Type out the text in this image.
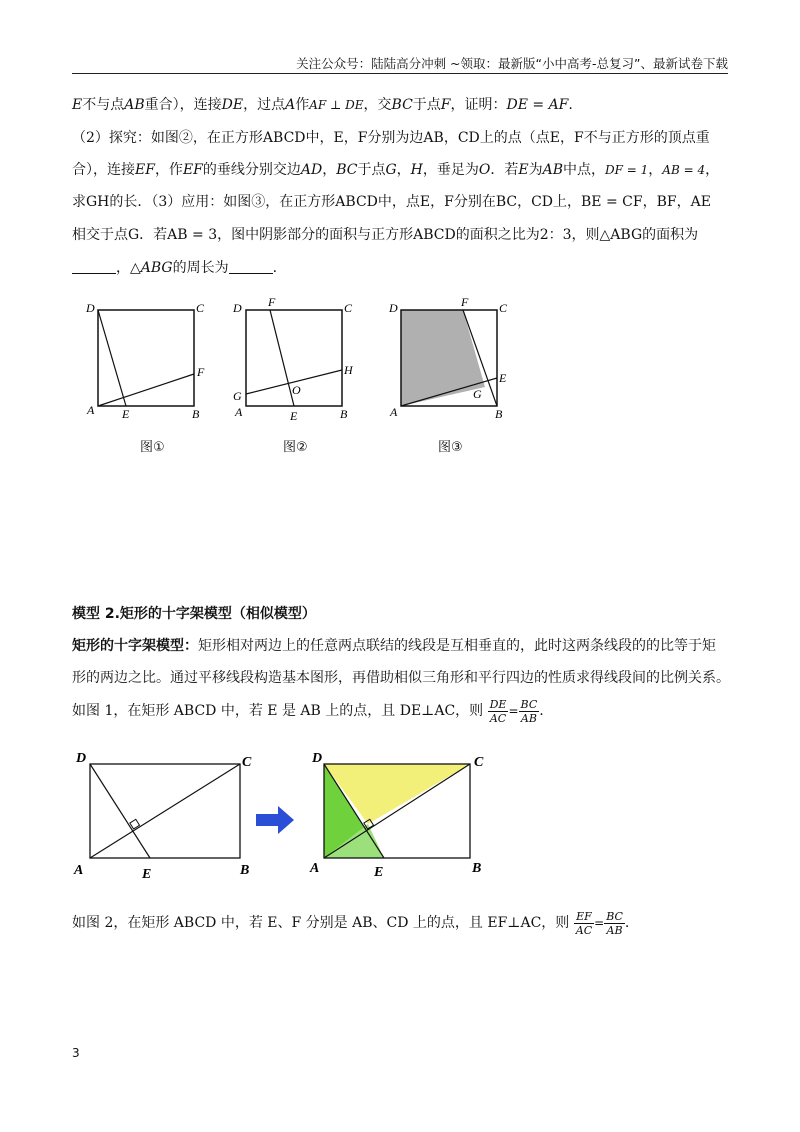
关注公众号：陆陆高分冲刺 ~领取：最新版“小中高考-总复习”、最新试卷下载
E不与点AB重合），连接DE，过点A作AF ⊥ DE，交BC于点F，证明：DE = AF.
（2）探究：如图②，在正方形ABCD中，E，F分别为边AB，CD上的点（点E，F不与正方形的顶点重
合），连接EF，作EF的垂线分别交边AD，BC于点G，H，垂足为O．若E为AB中点，DF = 1，AB = 4，
求GH的长．（3）应用：如图③，在正方形ABCD中，点E，F分别在BC，CD上，BE = CF，BF，AE
相交于点G．若AB = 3，图中阴影部分的面积与正方形ABCD的面积之比为2：3，则△ABG的面积为
，△ABG的周长为	.
D	C
F
A E	B
图①
D F	C
H
O
G
A	E	B
图②
D	F	C
E
G
A	B
图③
模型 2.矩形的十字架模型（相似模型）
矩形的十字架模型：矩形相对两边上的任意两点联结的线段是互相垂直的，此时这两条线段的的比等于矩
形的两边之比。通过平移线段构造基本图形，再借助相似三角形和平行四边的性质求得线段间的比例关系。
如图 1，在矩形 ABCD 中，若 E 是 AB 上的点，且 DE⊥AC，则 $\frac{DE}{AC} = \frac{BC}{AB}$ .
D	C
A	E	B
D	C
A	E	B
如图 2，在矩形 ABCD 中，若 E、F 分别是 AB、CD 上的点，且 EF⊥AC，则 $\frac{EF}{AC} = \frac{BC}{AB}$ .
3
